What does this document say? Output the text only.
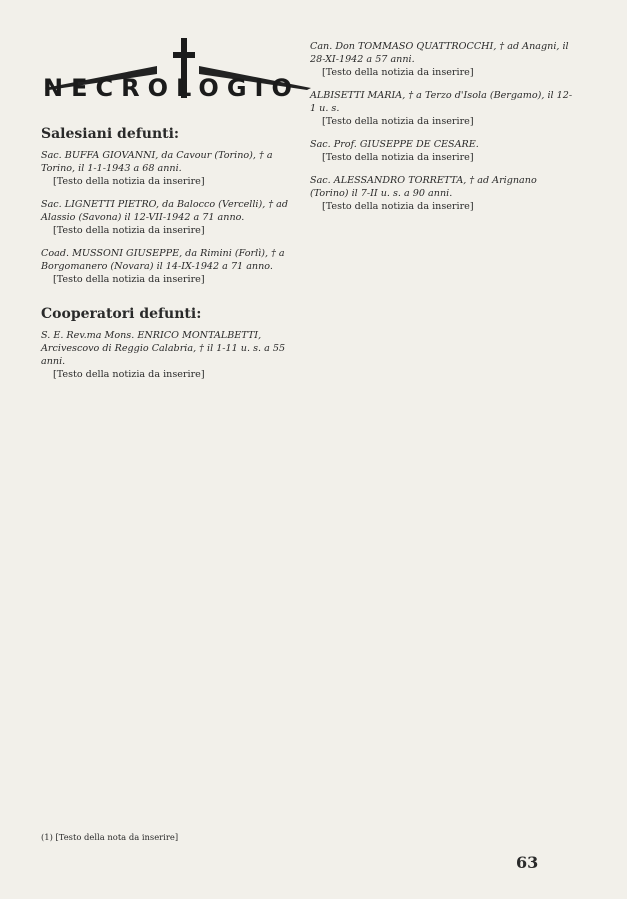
NECROLOGIO
Salesiani defunti:
Sac. BUFFA GIOVANNI, da Cavour (Torino), † a Torino, il 1-1-1943 a 68 anni.

[Testo della notizia da inserire]

Sac. LIGNETTI PIETRO, da Balocco (Vercelli), † ad Alassio (Savona) il 12-VII-1942 a 71 anno.

[Testo della notizia da inserire]

Coad. MUSSONI GIUSEPPE, da Rimini (Forlì), † a Borgomanero (Novara) il 14-IX-1942 a 71 anno.

[Testo della notizia da inserire]

Cooperatori defunti:
S. E. Rev.ma Mons. ENRICO MONTALBETTI, Arcivescovo di Reggio Calabria, † il 1-11 u. s. a 55 anni.

[Testo della notizia da inserire]

(1) [Testo della nota da inserire]
Can. Don TOMMASO QUATTROCCHI, † ad Anagni, il 28-XI-1942 a 57 anni.

[Testo della notizia da inserire]

ALBISETTI MARIA, † a Terzo d'Isola (Bergamo), il 12-1 u. s.

[Testo della notizia da inserire]

Sac. Prof. GIUSEPPE DE CESARE.

[Testo della notizia da inserire]

Sac. ALESSANDRO TORRETTA, † ad Arignano (Torino) il 7-II u. s. a 90 anni.

[Testo della notizia da inserire]

63
